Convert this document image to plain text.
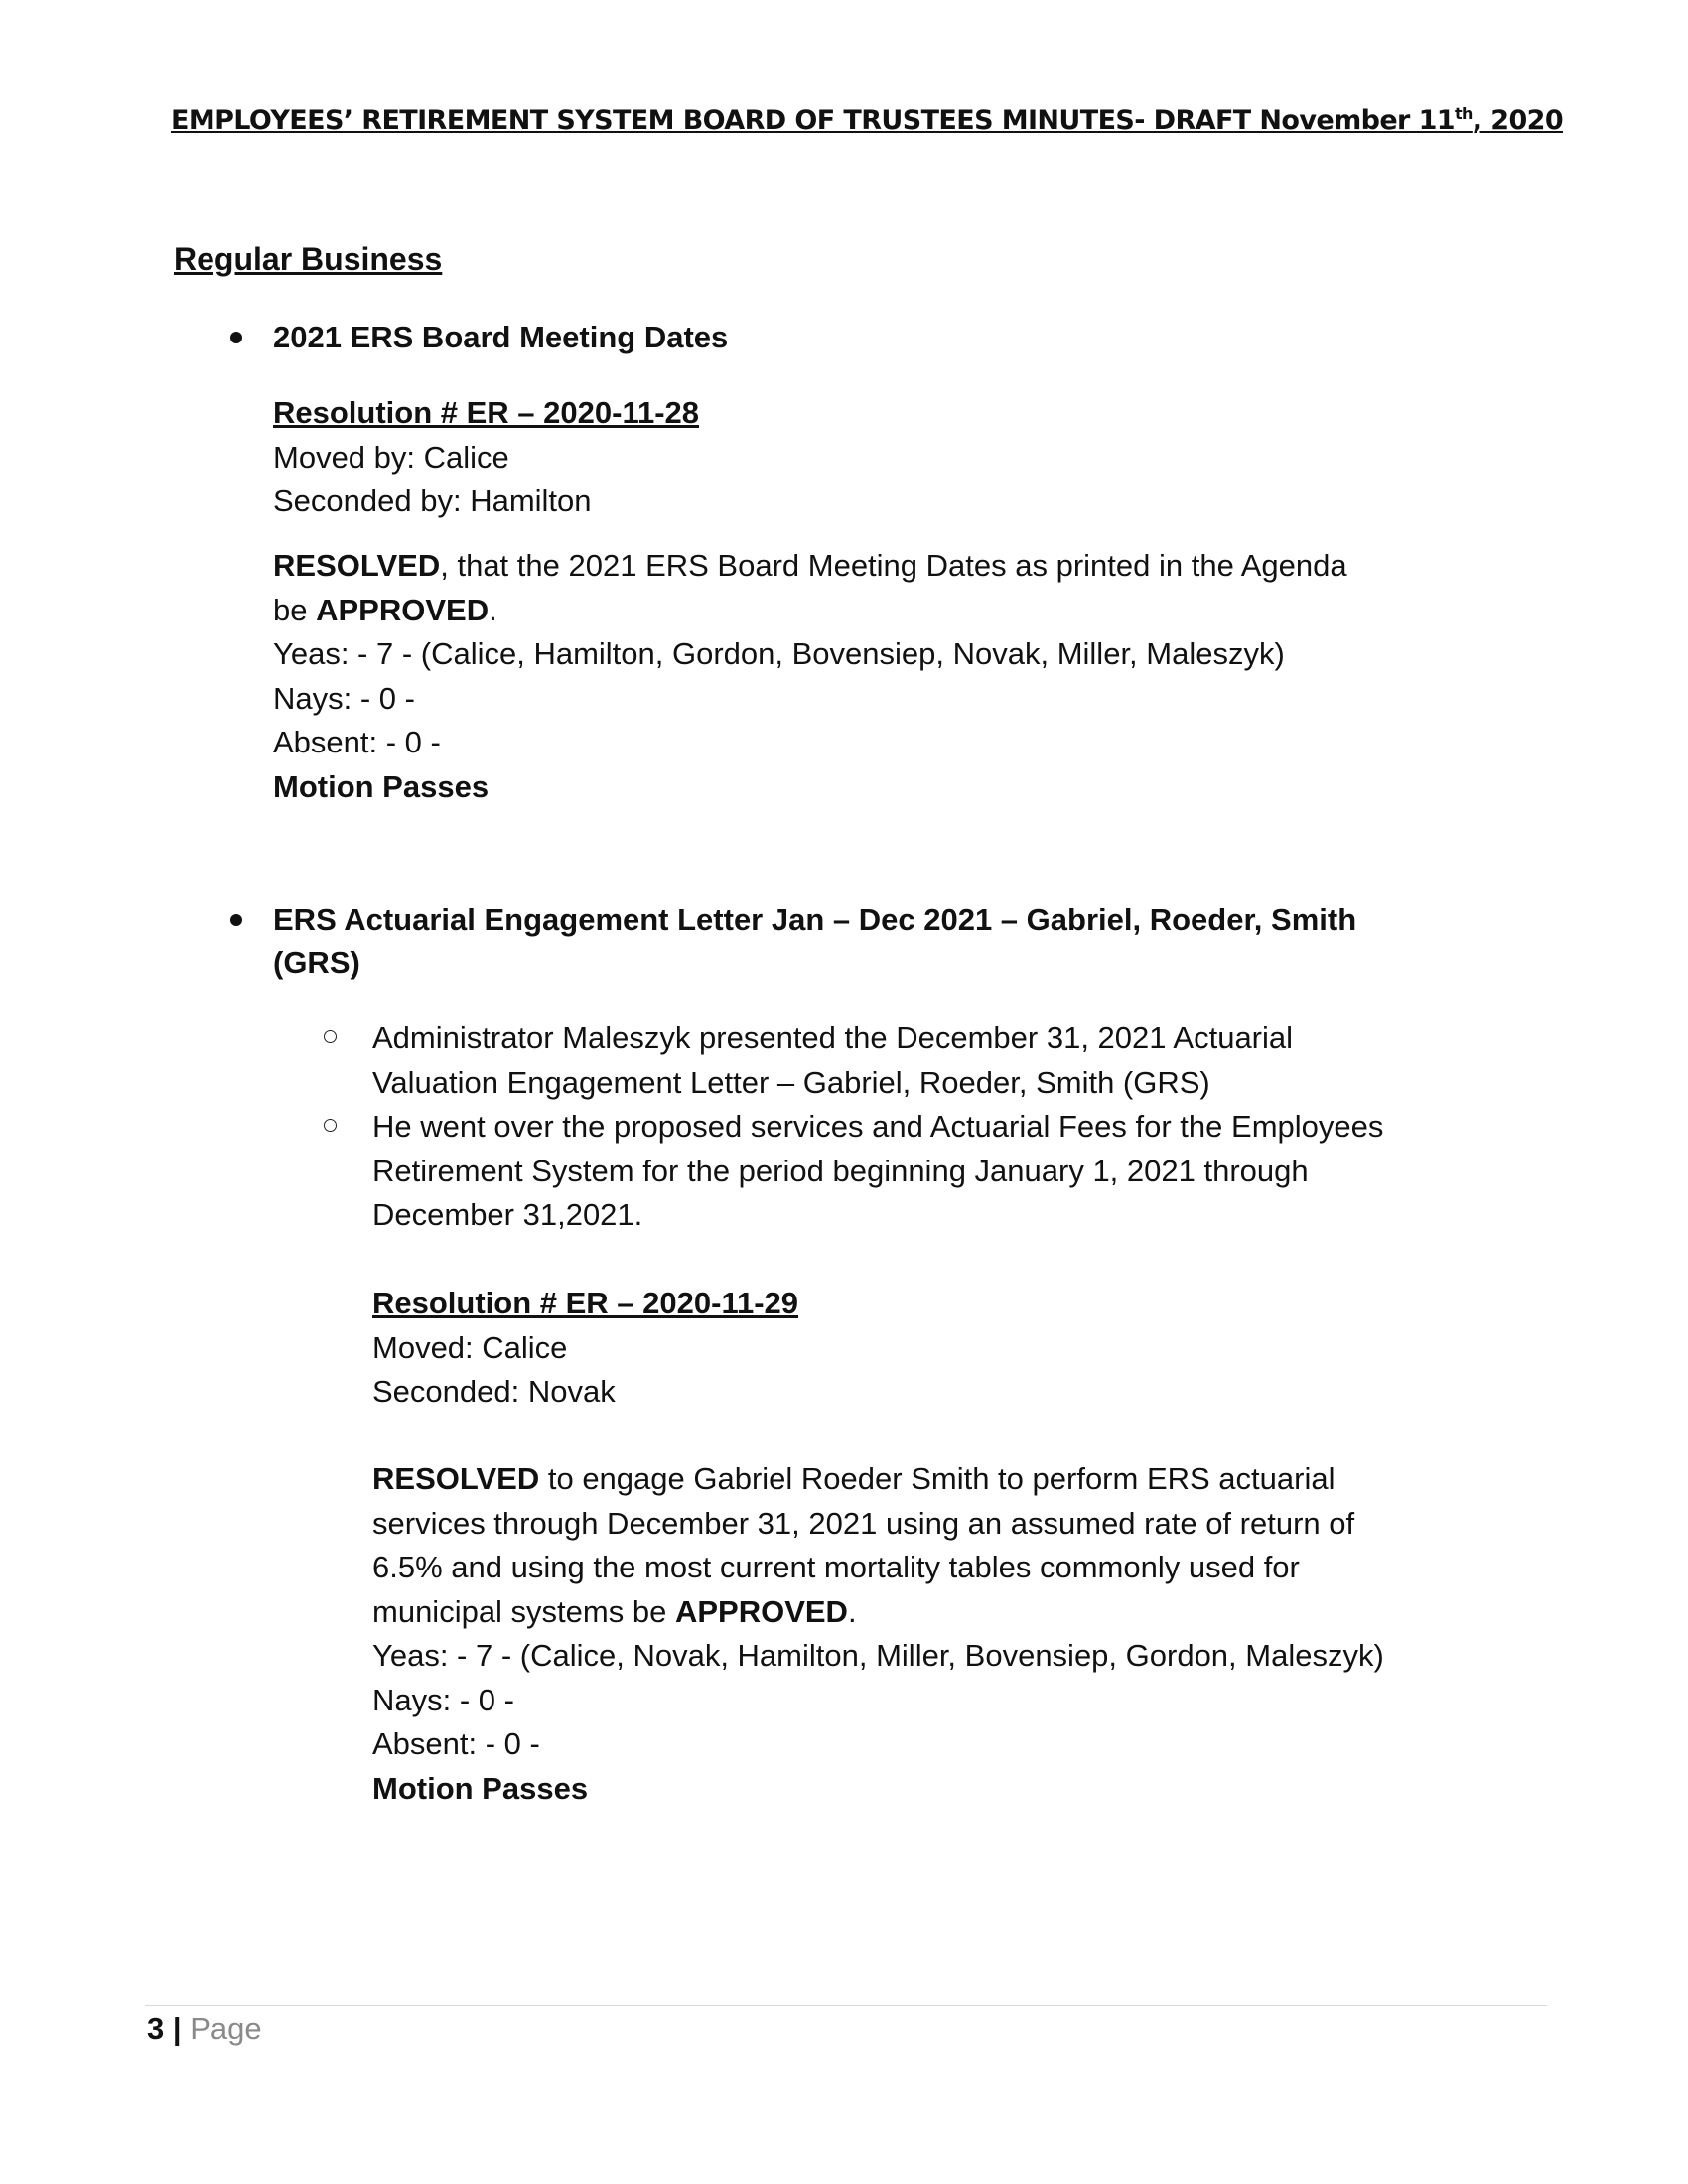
EMPLOYEES’ RETIREMENT SYSTEM BOARD OF TRUSTEES MINUTES- DRAFT November 11th, 2020
Regular Business
2021 ERS Board Meeting Dates
Resolution # ER – 2020-11-28
Moved by: Calice
Seconded by: Hamilton
RESOLVED, that the 2021 ERS Board Meeting Dates as printed in the Agenda
be APPROVED.
Yeas: - 7 - (Calice, Hamilton, Gordon, Bovensiep, Novak, Miller, Maleszyk)
Nays: - 0 -
Absent: - 0 -
Motion Passes
ERS Actuarial Engagement Letter Jan – Dec 2021 – Gabriel, Roeder, Smith
(GRS)
Administrator Maleszyk presented the December 31, 2021 Actuarial
Valuation Engagement Letter – Gabriel, Roeder, Smith (GRS)
He went over the proposed services and Actuarial Fees for the Employees
Retirement System for the period beginning January 1, 2021 through
December 31,2021.
Resolution # ER – 2020-11-29
Moved: Calice
Seconded: Novak
RESOLVED to engage Gabriel Roeder Smith to perform ERS actuarial
services through December 31, 2021 using an assumed rate of return of
6.5% and using the most current mortality tables commonly used for
municipal systems be APPROVED.
Yeas: - 7 - (Calice, Novak, Hamilton, Miller, Bovensiep, Gordon, Maleszyk)
Nays: - 0 -
Absent: - 0 -
Motion Passes
3 | Page
